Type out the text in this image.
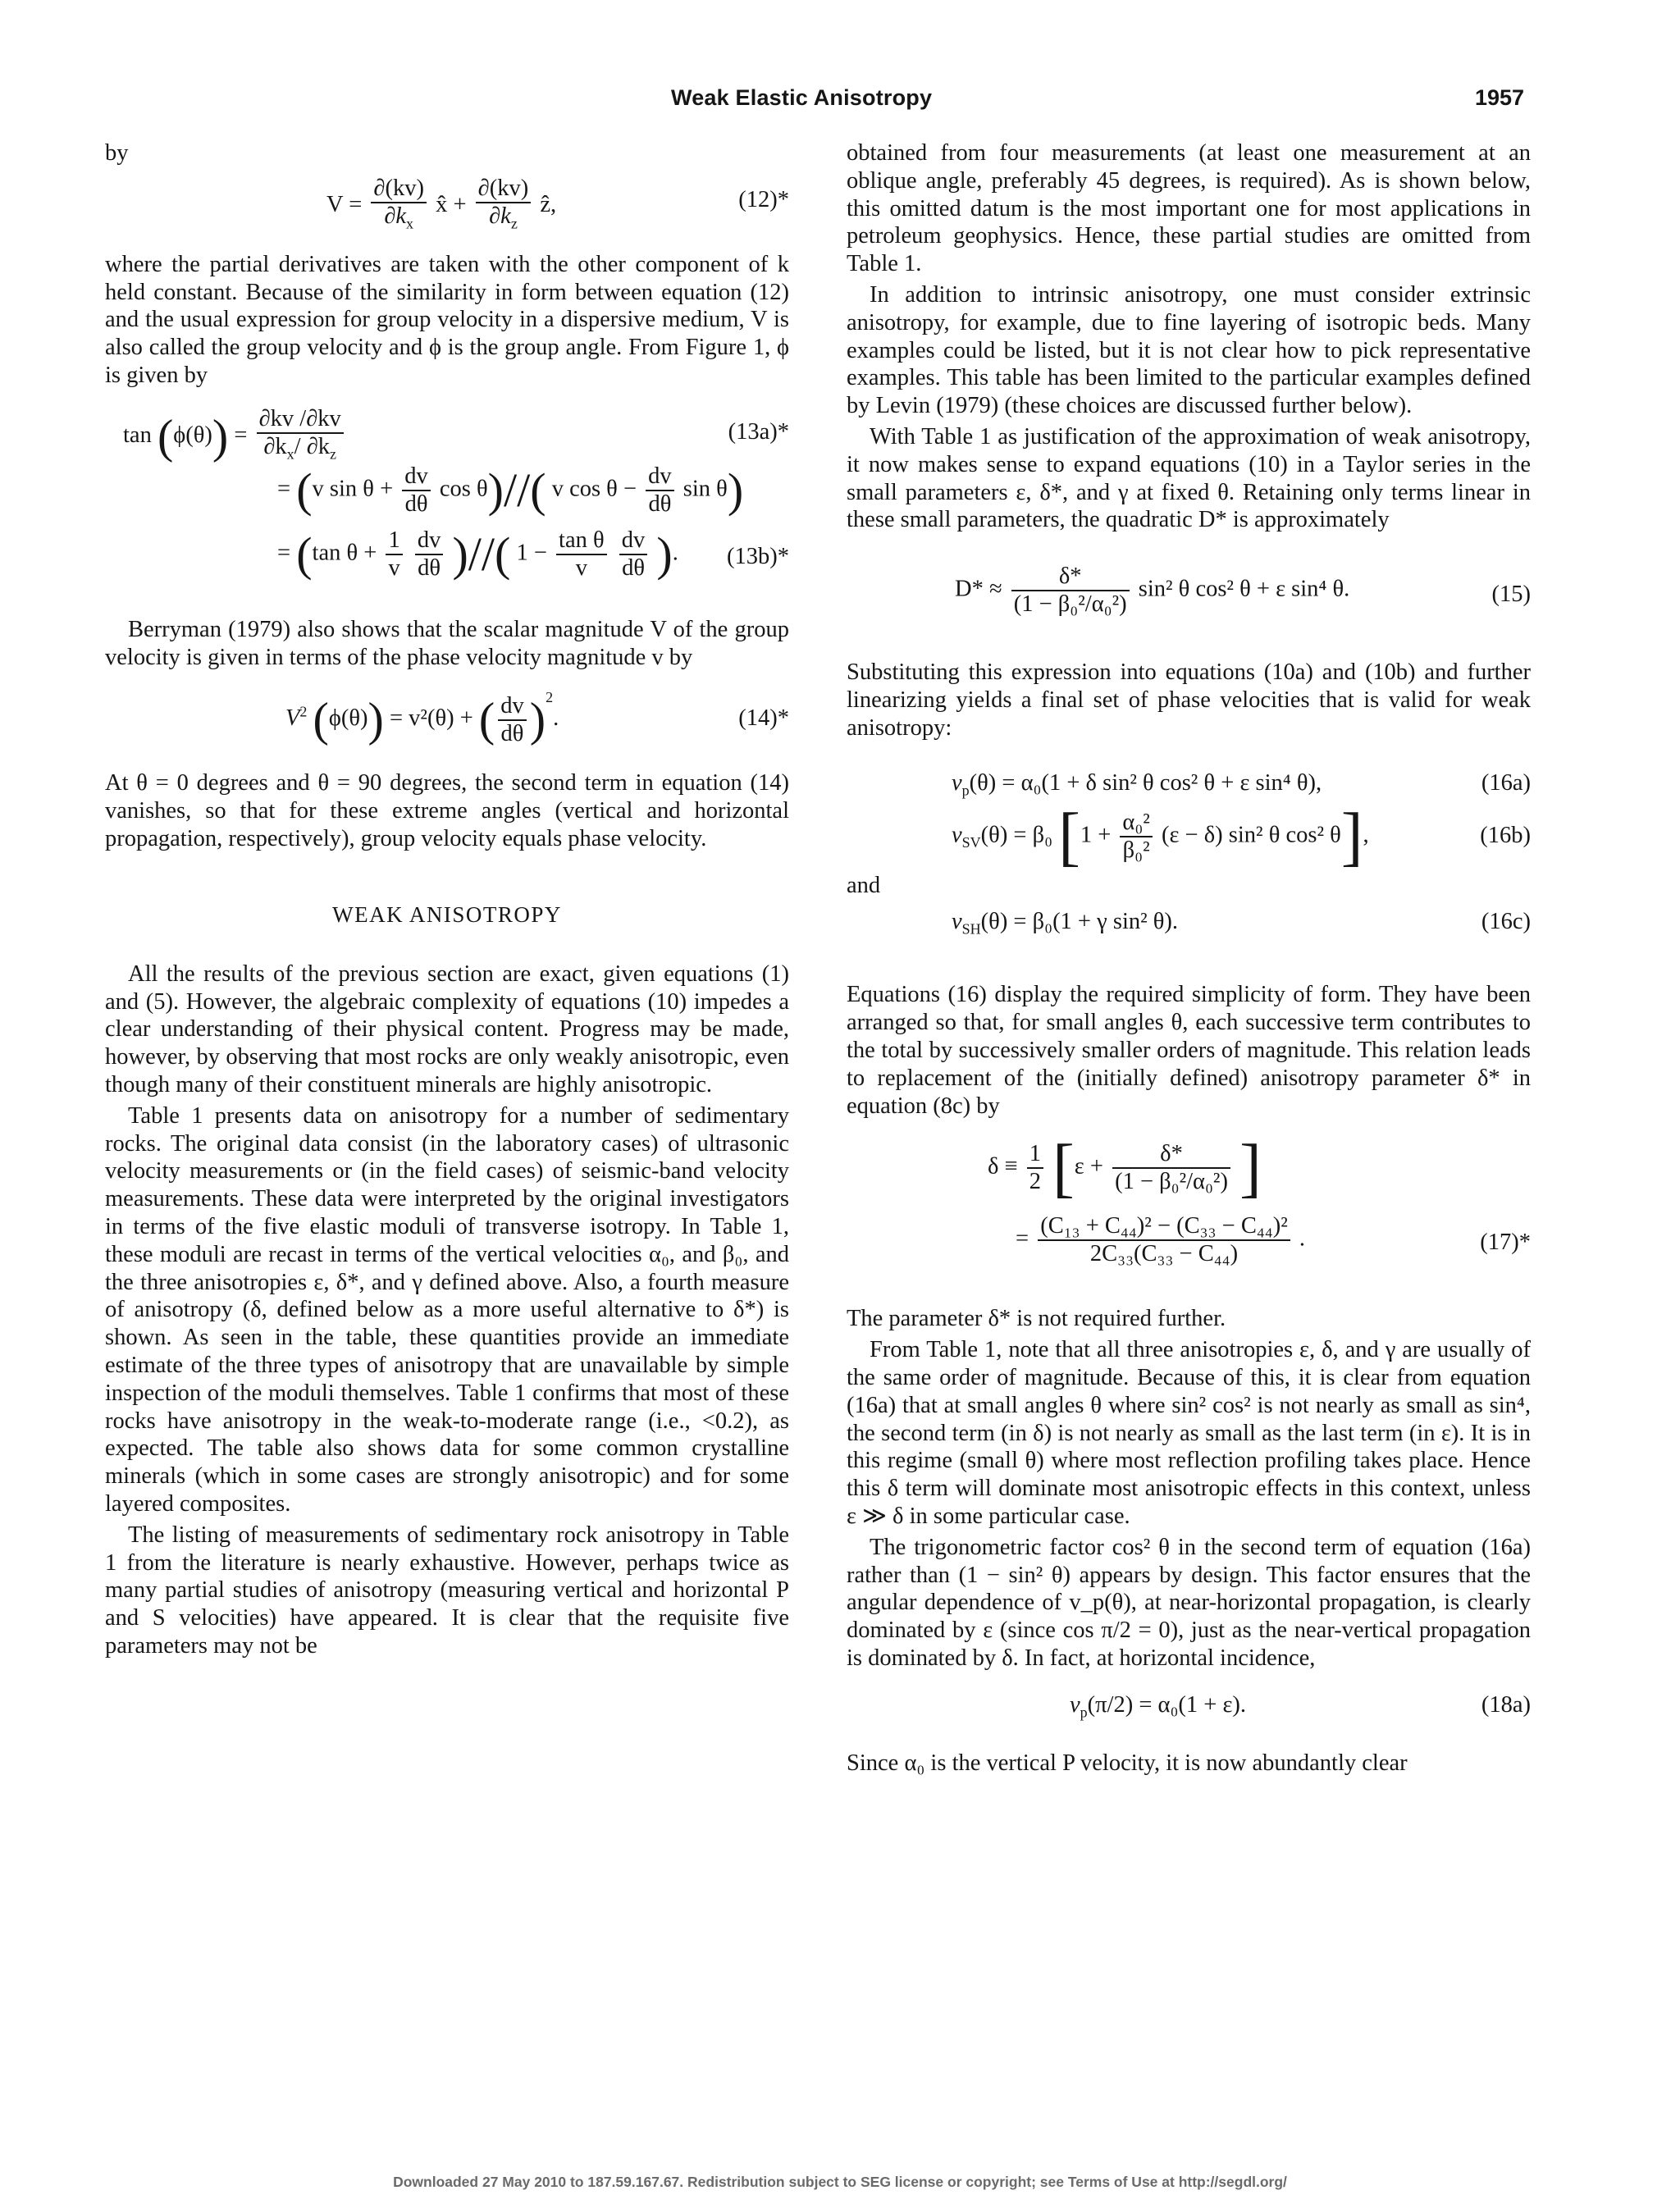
Weak Elastic Anisotropy	1957

by

$V = \frac{\partial(kv)}{\partial k_x}$ x̂ + $\frac{\partial(kv)}{\partial k_z}$ ẑ,	(12)*

where the partial derivatives are taken with the other component of k held constant. Because of the similarity in form between equation (12) and the usual expression for group velocity in a dispersive medium, V is also called the group velocity and ϕ is the group angle. From Figure 1, ϕ is given by

$\tan (\phi(\theta)) = \frac{\partial kv /\partial kv}{\partial k_x/ \partial k_z}$	(13a)*
= (v $\sin \theta + \frac{dv}{d\theta}$ cos θ)//( v $\cos \theta - \frac{dv}{d\theta}$ sin θ)
= (tan $\theta + \frac{1}{v}$
$\frac{dv}{d\theta}$ )//( $1 - \frac{\text{tan θ}}{v}$
$\frac{dv}{d\theta}$ ). (13b)*

Berryman (1979) also shows that the scalar magnitude V of the group velocity is given in terms of the phase velocity magnitude v by

$V^2$ (ϕ(θ)) = v²(θ) + ( $\frac{dv}{d\theta} )^2$.	(14)*

At θ = 0 degrees and θ = 90 degrees, the second term in equation (14) vanishes, so that for these extreme angles (vertical and horizontal propagation, respectively), group velocity equals phase velocity.

WEAK ANISOTROPY

All the results of the previous section are exact, given equations (1) and (5). However, the algebraic complexity of equations (10) impedes a clear understanding of their physical content. Progress may be made, however, by observing that most rocks are only weakly anisotropic, even though many of their constituent minerals are highly anisotropic.

Table 1 presents data on anisotropy for a number of sedimentary rocks. The original data consist (in the laboratory cases) of ultrasonic velocity measurements or (in the field cases) of seismic-band velocity measurements. These data were interpreted by the original investigators in terms of the five elastic moduli of transverse isotropy. In Table 1, these moduli are recast in terms of the vertical velocities α₀, and β₀, and the three anisotropies ε, δ*, and γ defined above. Also, a fourth measure of anisotropy (δ, defined below as a more useful alternative to δ*) is shown. As seen in the table, these quantities provide an immediate estimate of the three types of anisotropy that are unavailable by simple inspection of the moduli themselves. Table 1 confirms that most of these rocks have anisotropy in the weak-to-moderate range (i.e., <0.2), as expected. The table also shows data for some common crystalline minerals (which in some cases are strongly anisotropic) and for some layered composites.

The listing of measurements of sedimentary rock anisotropy in Table 1 from the literature is nearly exhaustive. However, perhaps twice as many partial studies of anisotropy (measuring vertical and horizontal P and S velocities) have appeared. It is clear that the requisite five parameters may not be

obtained from four measurements (at least one measurement at an oblique angle, preferably 45 degrees, is required). As is shown below, this omitted datum is the most important one for most applications in petroleum geophysics. Hence, these partial studies are omitted from Table 1.

In addition to intrinsic anisotropy, one must consider extrinsic anisotropy, for example, due to fine layering of isotropic beds. Many examples could be listed, but it is not clear how to pick representative examples. This table has been limited to the particular examples defined by Levin (1979) (these choices are discussed further below).

With Table 1 as justification of the approximation of weak anisotropy, it now makes sense to expand equations (10) in a Taylor series in the small parameters ε, δ*, and γ at fixed θ. Retaining only terms linear in these small parameters, the quadratic D* is approximately

$D* \approx \frac{\delta*}{\text{(1 − β₀²/α₀²)}} \sin^2$ θ cos² θ + ε sin⁴ θ.	(15)

Substituting this expression into equations (10a) and (10b) and further linearizing yields a final set of phase velocities that is valid for weak anisotropy:

$v_p(\theta) = \alpha_0(1 + \delta$ sin² θ cos² θ + ε sin⁴ θ),	(16a)
$v_{SV}(\theta) = \beta_0$ [$1 + \frac{\text{α₀²}}{\text{β₀²}} (\varepsilon - \delta)$ sin² θ cos² θ],	(16b)

and

$v_{SH}(\theta) = \beta_0(1 + \gamma$ sin² θ).	(16c)

Equations (16) display the required simplicity of form. They have been arranged so that, for small angles θ, each successive term contributes to the total by successively smaller orders of magnitude. This relation leads to replacement of the (initially defined) anisotropy parameter δ* in equation (8c) by

$\delta \equiv \frac{1}{2} [\varepsilon + \frac{\delta*}{\text{(1 − β₀²/α₀²)}}$ ]
= $\frac{\text{(C₁₃ + C₄₄)² − (C₃₃ − C₄₄)²}}{\text{2C₃₃(C₃₃ − C₄₄)}}$ .	(17)*

The parameter δ* is not required further.

From Table 1, note that all three anisotropies ε, δ, and γ are usually of the same order of magnitude. Because of this, it is clear from equation (16a) that at small angles θ where sin² cos² is not nearly as small as sin⁴, the second term (in δ) is not nearly as small as the last term (in ε). It is in this regime (small θ) where most reflection profiling takes place. Hence this δ term will dominate most anisotropic effects in this context, unless ε ≫ δ in some particular case.

The trigonometric factor cos² θ in the second term of equation (16a) rather than (1 − sin² θ) appears by design. This factor ensures that the angular dependence of v_p(θ), at near-horizontal propagation, is clearly dominated by ε (since cos π/2 = 0), just as the near-vertical propagation is dominated by δ. In fact, at horizontal incidence,

$v_p(\pi/2) = \alpha_0(1 + \varepsilon)$.	(18a)

Since α₀ is the vertical P velocity, it is now abundantly clear

Downloaded 27 May 2010 to 187.59.167.67. Redistribution subject to SEG license or copyright; see Terms of Use at http://segdl.org/
